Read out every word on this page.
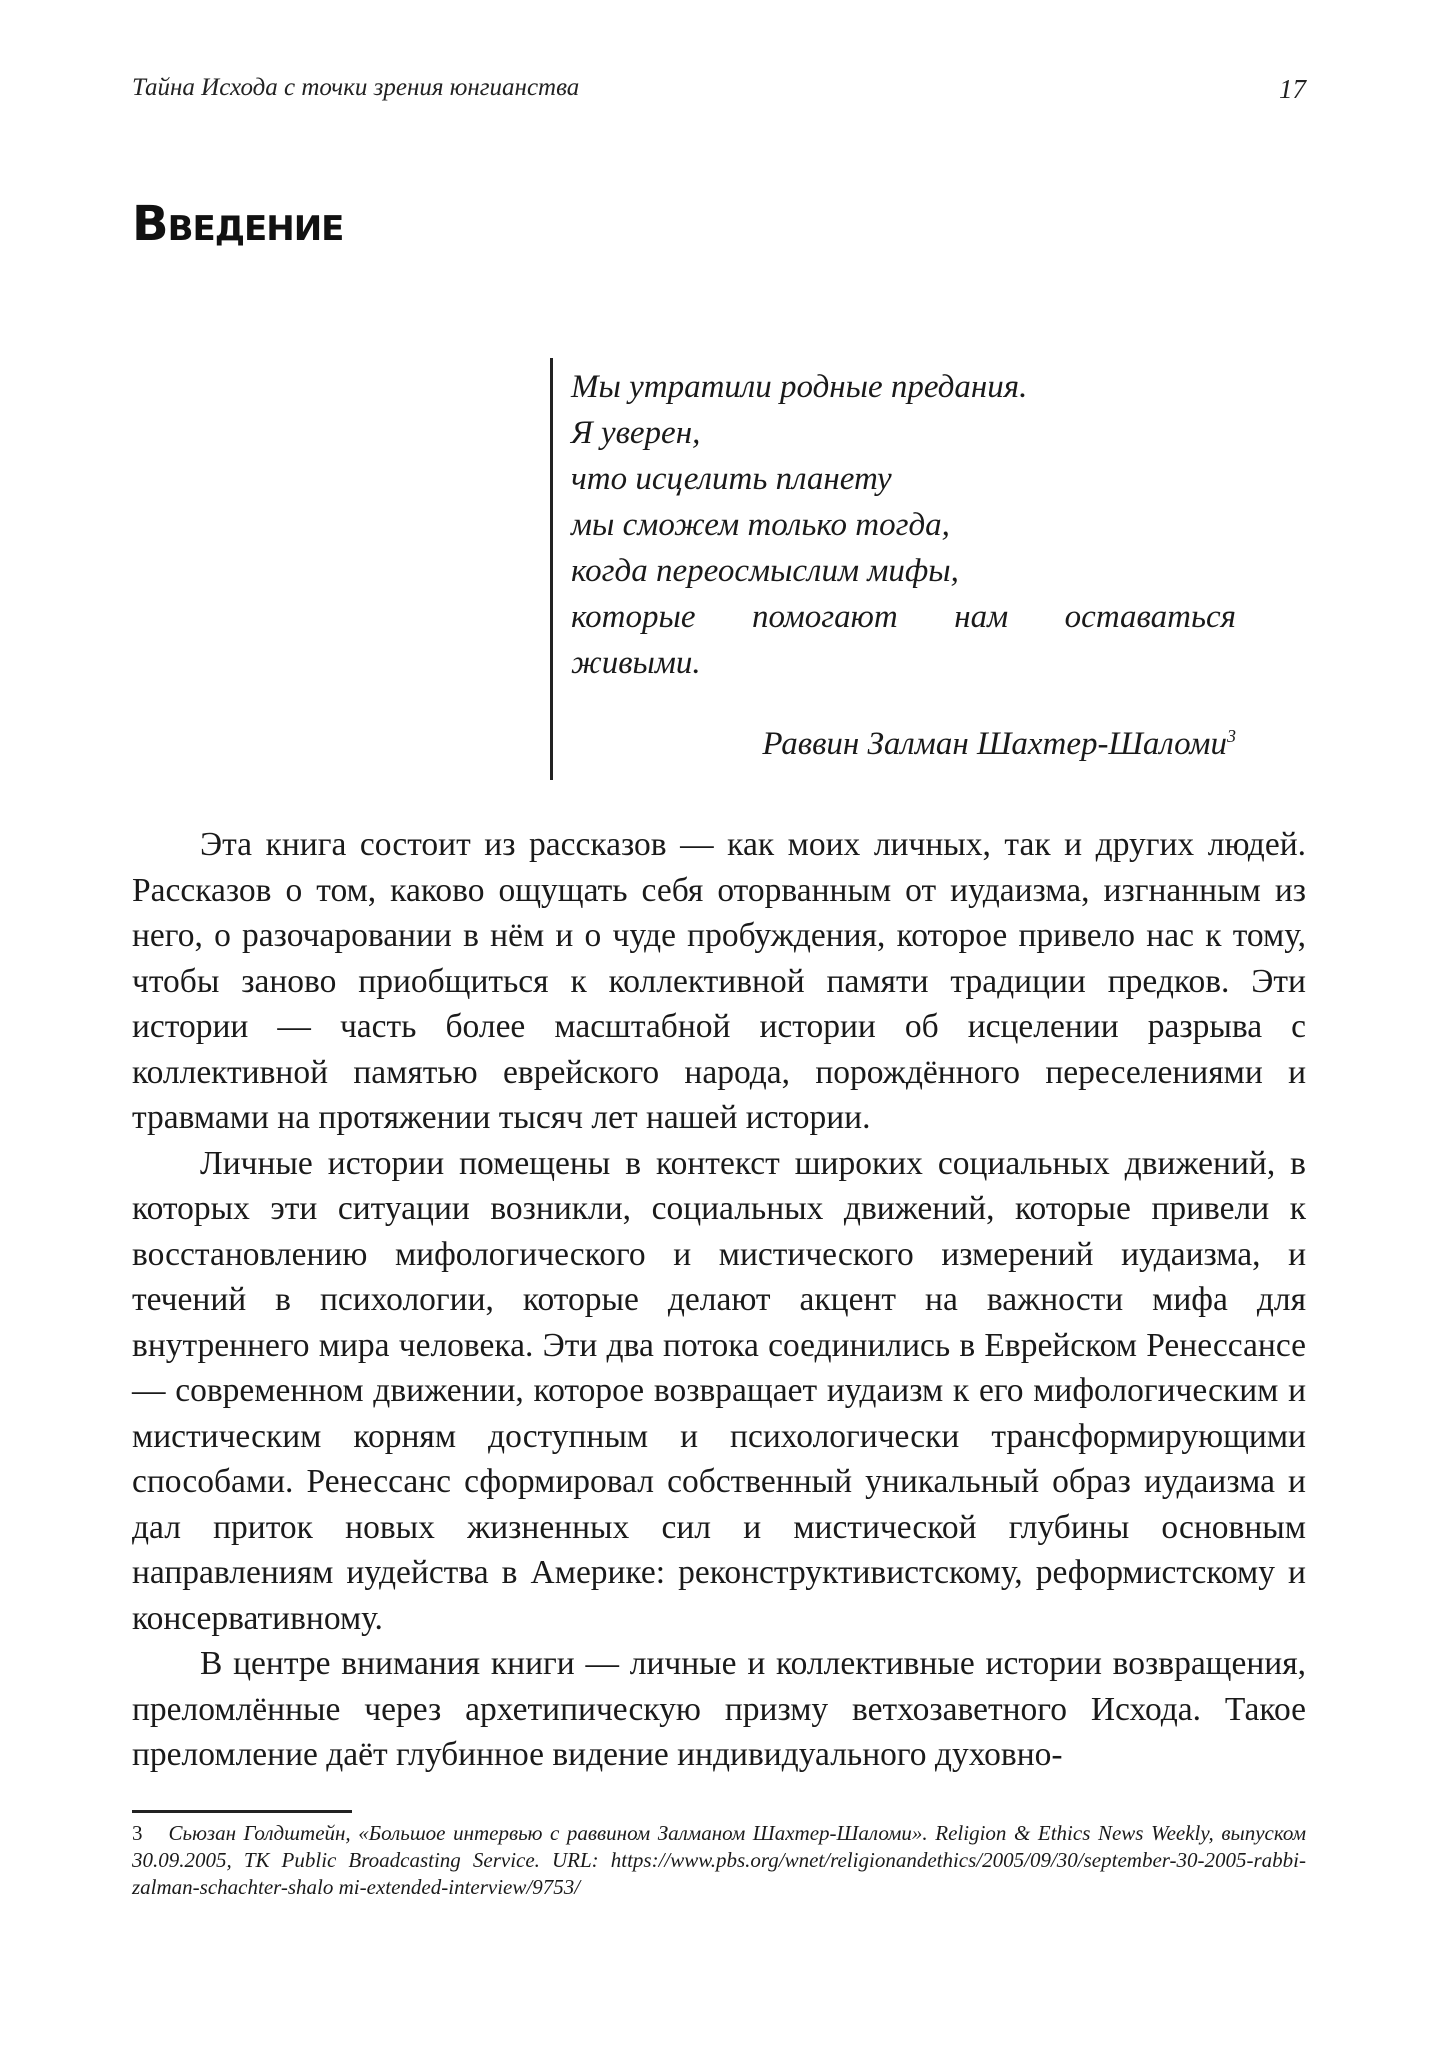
Тайна Исхода с точки зрения юнгианства	17
Введение
Мы утратили родные предания.
Я уверен,
что исцелить планету
мы сможем только тогда,
когда переосмыслим мифы,
которые помогают нам оставаться
живыми.
Раввин Залман Шахтер-Шаломи$^3$

Эта книга состоит из рассказов — как моих личных, так и других людей. Рассказов о том, каково ощущать себя оторванным от иудаизма, изгнанным из него, о разочаровании в нём и о чуде пробуждения, которое привело нас к тому, чтобы заново приобщиться к коллективной памяти традиции предков. Эти истории — часть более масштабной истории об исцелении разрыва с коллективной памятью еврейского народа, порождённого переселениями и травмами на протяжении тысяч лет нашей истории.

Личные истории помещены в контекст широких социальных движений, в которых эти ситуации возникли, социальных движений, которые привели к восстановлению мифологического и мистического измерений иудаизма, и течений в психологии, которые делают акцент на важности мифа для внутреннего мира человека. Эти два потока соединились в Еврейском Ренессансе — современном движении, которое возвращает иудаизм к его мифологическим и мистическим корням доступным и психологически трансформирующими способами. Ренессанс сформировал собственный уникальный образ иудаизма и дал приток новых жизненных сил и мистической глубины основным направлениям иудейства в Америке: реконструктивистскому, реформистскому и консервативному.

В центре внимания книги — личные и коллективные истории возвращения, преломлённые через архетипическую призму ветхозаветного Исхода. Такое преломление даёт глубинное видение индивидуального духовно-

3 Сьюзан Голдштейн, «Большое интервью с раввином Залманом Шахтер-Шаломи». Religion & Ethics News Weekly, выпуском 30.09.2005, ТК Public Broadcasting Service. URL: https://www.pbs.org/wnet/religionandethics/2005/09/30/september-30-2005-rabbi-zalman-schachter-shalo mi-extended-interview/9753/
